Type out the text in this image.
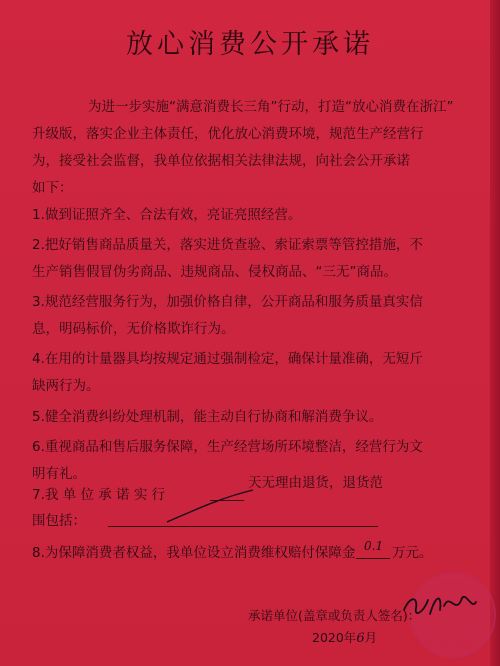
放心消费公开承诺
为进一步实施“满意消费长三角”行动，打造“放心消费在浙江”
升级版，落实企业主体责任，优化放心消费环境，规范生产经营行
为，接受社会监督，我单位依据相关法律法规，向社会公开承诺
如下：
1.做到证照齐全、合法有效，亮证亮照经营。
2.把好销售商品质量关，落实进货查验、索证索票等管控措施，不
生产销售假冒伪劣商品、违规商品、侵权商品、“三无”商品。
3.规范经营服务行为，加强价格自律，公开商品和服务质量真实信
息，明码标价，无价格欺诈行为。
4.在用的计量器具均按规定通过强制检定，确保计量准确，无短斤
缺两行为。
5.健全消费纠纷处理机制，能主动自行协商和解消费争议。
6.重视商品和售后服务保障，生产经营场所环境整洁，经营行为文
明有礼。
7.我 单 位 承 诺 实 行
天无理由退货，退货范
围包括：
8.为保障消费者权益，我单位设立消费维权赔付保障金 0.1 万元。
承诺单位(盖章或负责人签名)：
2020年6月
